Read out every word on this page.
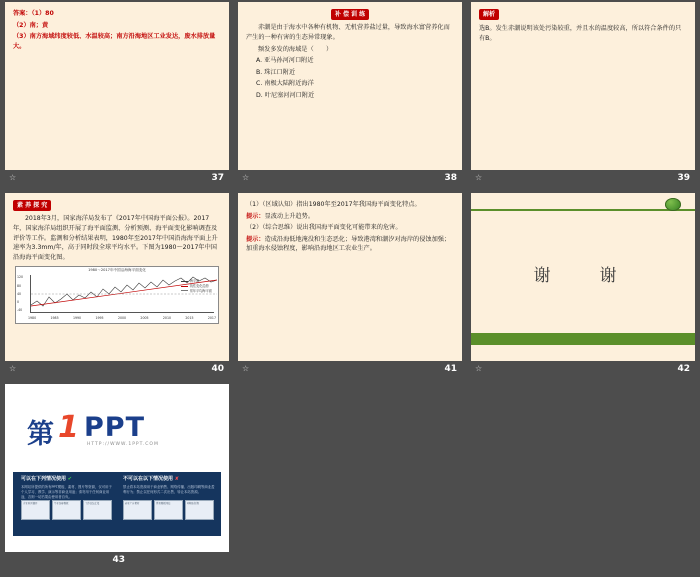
答案：（1）80

（2）南；黄

（3）南方海域纬度较低、水温较高；南方沿海地区工业发达，废水排放量大。

☆	37
补 偿 训 练

赤潮是由于海水中各种有机物、无机营养盐过量，导致海水富营养化而产生的一种有害的生态异常现象。

频发多发的海域是（　　）

A. 亚马孙河河口附近

B. 珠江口附近

C. 南极大陆附近海洋

D. 叶尼塞河河口附近

☆	38
解析

选B。发生赤潮说明该处污染较重，并且水的温度较高，所以符合条件的只有B。

☆	39
素 养 探 究

2018年3月，国家海洋局发布了《2017年中国海平面公报》。2017年，国家海洋局组织开展了海平面监测、分析预测、海平面变化影响调查及评价等工作。监测和分析结果表明，1980年至2017年中国沿海海平面上升速率为3.3mm/年，高于同时段全球平均水平。下图为1980～2017年中国沿海海平面变化图。

1980～2017年中国沿海海平面变化
120
80
40
0
-40
海平面
线性变化趋势
常年平均海平面
1980	1985	1990	1995	2000	2005	2010	2015	2017
☆	40

（1）（区域认知）指出1980年至2017年我国海平面变化特点。

提示：显波动上升趋势。

（2）（综合思维）说出我国海平面变化可能带来的危害。

提示：造成沿海低地淹没和生态恶化；导致港湾和潮汐对海岸的侵蚀加强；加重海水侵蚀程度，影响沿海地区工农业生产。

☆	41
谢　谢
☆	42
第 1 PPT
HTTP://WWW.1PPT.COM
可以在下列情况使用 ✔	不可以在以下情况使用 ✘
本网站所提供的所有PPT模板、素材、图片等资源，仅可用于个人学习、教学、演示等非商业用途；请勿用于任何商业用途，否则一切后果由使用者自负。
禁止将本站资源用于商业销售、网络传播、出版印刷等商业盈利行为；禁止以任何形式二次出售、转让本站资源。
企业培训课件	毕业答辩模板	工作总结汇报	商业广告素材	售卖模板网站	印刷出版物
43
